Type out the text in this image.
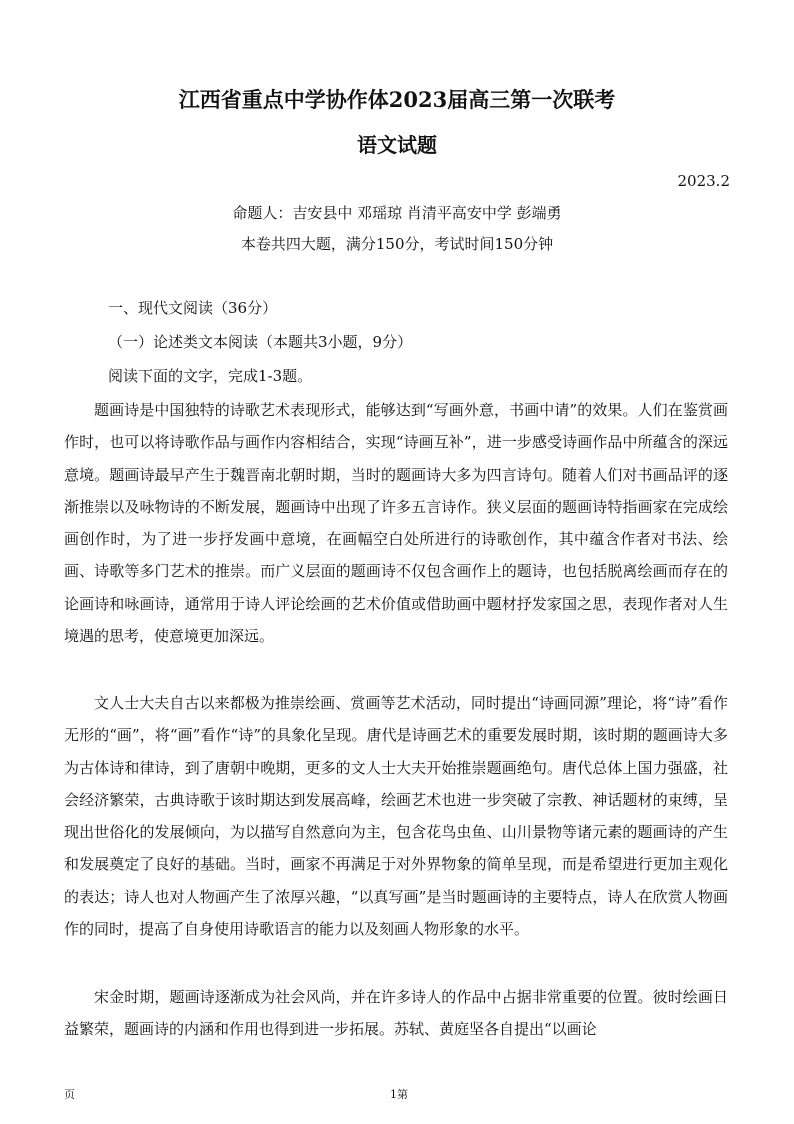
江西省重点中学协作体2023届高三第一次联考
语文试题
2023.2
命题人：吉安县中 邓瑶琼 肖清平高安中学 彭端勇
本卷共四大题，满分150分，考试时间150分钟
一、现代文阅读（36分）
（一）论述类文本阅读（本题共3小题，9分）
阅读下面的文字，完成1-3题。
题画诗是中国独特的诗歌艺术表现形式，能够达到“写画外意，书画中请”的效果。人们在鉴赏画作时，也可以将诗歌作品与画作内容相结合，实现“诗画互补”，进一步感受诗画作品中所蕴含的深远意境。题画诗最早产生于魏晋南北朝时期，当时的题画诗大多为四言诗句。随着人们对书画品评的逐渐推崇以及咏物诗的不断发展，题画诗中出现了许多五言诗作。狭义层面的题画诗特指画家在完成绘画创作时，为了进一步抒发画中意境，在画幅空白处所进行的诗歌创作，其中蕴含作者对书法、绘画、诗歌等多门艺术的推崇。而广义层面的题画诗不仅包含画作上的题诗，也包括脱离绘画而存在的论画诗和咏画诗，通常用于诗人评论绘画的艺术价值或借助画中题材抒发家国之思，表现作者对人生境遇的思考，使意境更加深远。
文人士大夫自古以来都极为推崇绘画、赏画等艺术活动，同时提出“诗画同源”理论，将“诗”看作无形的“画”，将“画”看作“诗”的具象化呈现。唐代是诗画艺术的重要发展时期，该时期的题画诗大多为古体诗和律诗，到了唐朝中晚期，更多的文人士大夫开始推崇题画绝句。唐代总体上国力强盛，社会经济繁荣，古典诗歌于该时期达到发展高峰，绘画艺术也进一步突破了宗教、神话题材的束缚，呈现出世俗化的发展倾向，为以描写自然意向为主，包含花鸟虫鱼、山川景物等诸元素的题画诗的产生和发展奠定了良好的基础。当时，画家不再满足于对外界物象的简单呈现，而是希望进行更加主观化的表达；诗人也对人物画产生了浓厚兴趣，“以真写画”是当时题画诗的主要特点，诗人在欣赏人物画作的同时，提高了自身使用诗歌语言的能力以及刻画人物形象的水平。
宋金时期，题画诗逐渐成为社会风尚，并在许多诗人的作品中占据非常重要的位置。彼时绘画日益繁荣，题画诗的内涵和作用也得到进一步拓展。苏轼、黄庭坚各自提出“以画论
页	1第
